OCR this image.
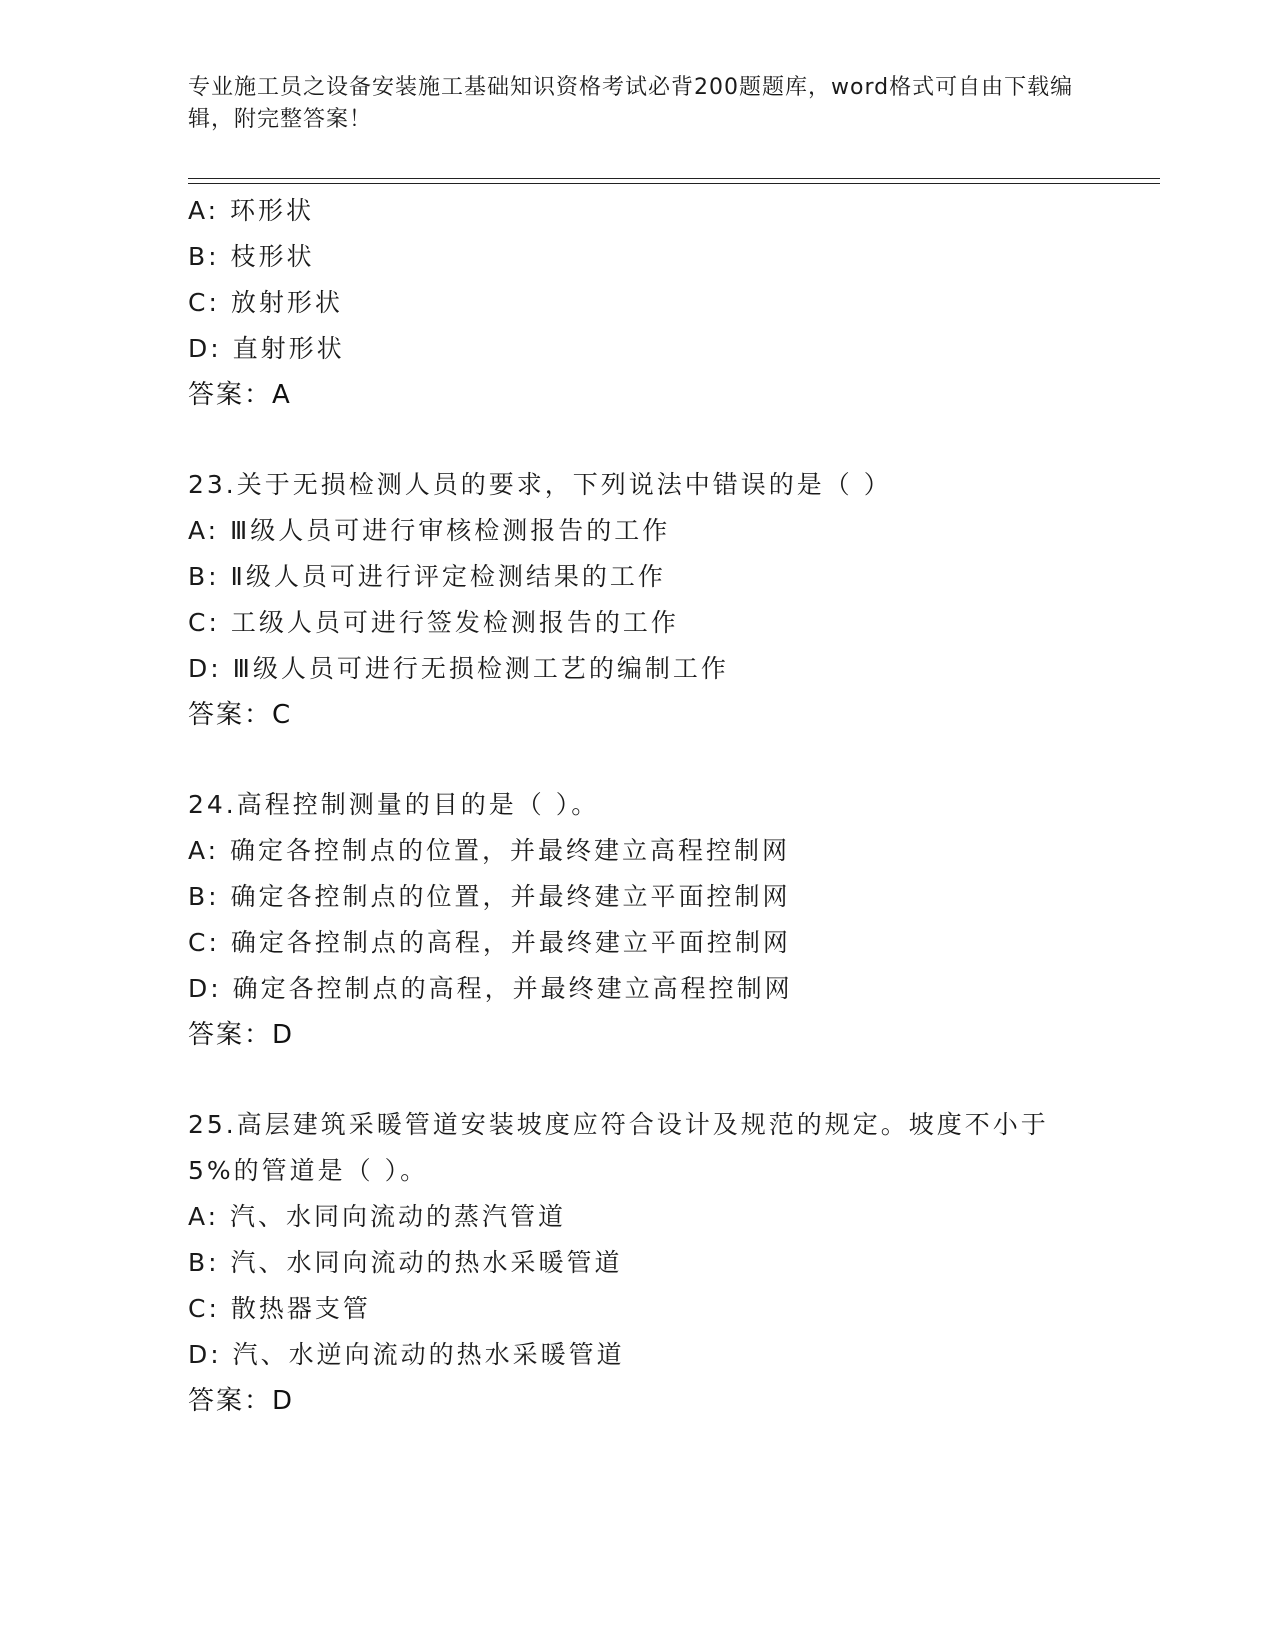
专业施工员之设备安装施工基础知识资格考试必背200题题库，word格式可自由下载编辑，附完整答案！
A: 环形状
B: 枝形状
C: 放射形状
D: 直射形状
答案：A
23.关于无损检测人员的要求，下列说法中错误的是（ ）
A: Ⅲ级人员可进行审核检测报告的工作
B: Ⅱ级人员可进行评定检测结果的工作
C: 工级人员可进行签发检测报告的工作
D: Ⅲ级人员可进行无损检测工艺的编制工作
答案：C
24.高程控制测量的目的是（ ）。
A: 确定各控制点的位置，并最终建立高程控制网
B: 确定各控制点的位置，并最终建立平面控制网
C: 确定各控制点的高程，并最终建立平面控制网
D: 确定各控制点的高程，并最终建立高程控制网
答案：D
25.高层建筑采暖管道安装坡度应符合设计及规范的规定。坡度不小于5%的管道是（ ）。
A: 汽、水同向流动的蒸汽管道
B: 汽、水同向流动的热水采暖管道
C: 散热器支管
D: 汽、水逆向流动的热水采暖管道
答案：D
